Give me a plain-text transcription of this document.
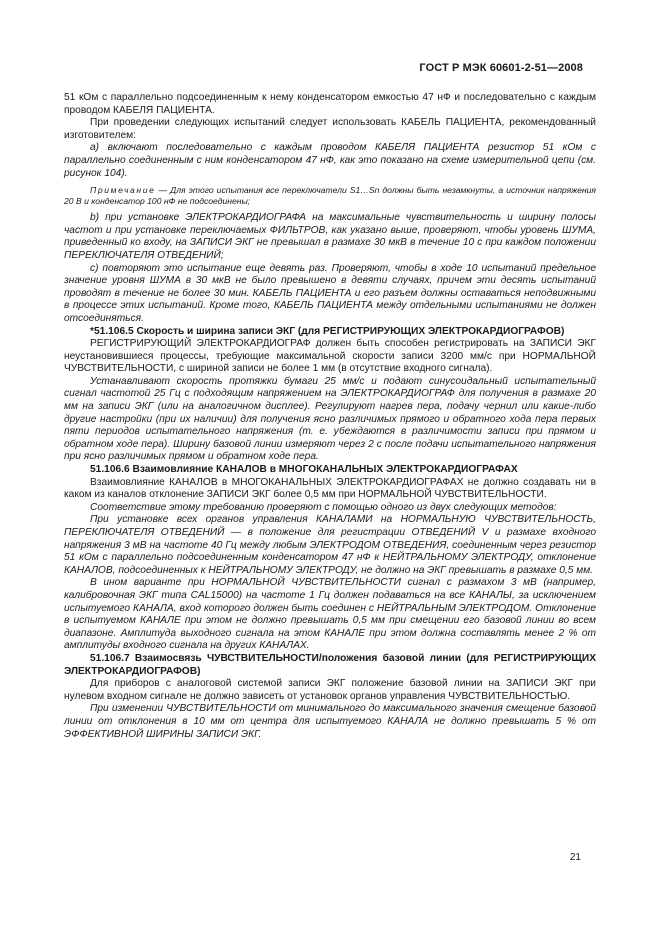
ГОСТ Р МЭК 60601-2-51—2008

51 кОм с параллельно подсоединенным к нему конденсатором емкостью 47 нФ и последовательно с каждым проводом КАБЕЛЯ ПАЦИЕНТА.

При проведении следующих испытаний следует использовать КАБЕЛЬ ПАЦИЕНТА, рекомендованный изготовителем:

а) включают последовательно с каждым проводом КАБЕЛЯ ПАЦИЕНТА резистор 51 кОм с параллельно соединенным с ним конденсатором 47 нФ, как это показано на схеме измерительной цепи (см. рисунок 104).

Примечание — Для этого испытания все переключатели S1…Sn должны быть незамкнуты, а источник напряжения 20 В и конденсатор 100 нФ не подсоединены;

b) при установке ЭЛЕКТРОКАРДИОГРАФА на максимальные чувствительность и ширину полосы частот и при установке переключаемых ФИЛЬТРОВ, как указано выше, проверяют, чтобы уровень ШУМА, приведенный ко входу, на ЗАПИСИ ЭКГ не превышал в размахе 30 мкВ в течение 10 с при каждом положении ПЕРЕКЛЮЧАТЕЛЯ ОТВЕДЕНИЙ;

с) повторяют это испытание еще девять раз. Проверяют, чтобы в ходе 10 испытаний предельное значение уровня ШУМА в 30 мкВ не было превышено в девяти случаях, причем эти десять испытаний проводят в течение не более 30 мин. КАБЕЛЬ ПАЦИЕНТА и его разъем должны оставаться неподвижными в процессе этих испытаний. Кроме того, КАБЕЛЬ ПАЦИЕНТА между отдельными испытаниями не должен отсоединяться.

*51.106.5 Скорость и ширина записи ЭКГ (для РЕГИСТРИРУЮЩИХ ЭЛЕКТРОКАРДИОГРАФОВ)

РЕГИСТРИРУЮЩИЙ ЭЛЕКТРОКАРДИОГРАФ должен быть способен регистрировать на ЗАПИСИ ЭКГ неустановившиеся процессы, требующие максимальной скорости записи 3200 мм/с при НОРМАЛЬНОЙ ЧУВСТВИТЕЛЬНОСТИ, с шириной записи не более 1 мм (в отсутствие входного сигнала).

Устанавливают скорость протяжки бумаги 25 мм/с и подают синусоидальный испытательный сигнал частотой 25 Гц с подходящим напряжением на ЭЛЕКТРОКАРДИОГРАФ для получения в размахе 20 мм на записи ЭКГ (или на аналогичном дисплее). Регулируют нагрев пера, подачу чернил или какие-либо другие настройки (при их наличии) для получения ясно различимых прямого и обратного хода пера первых пяти периодов испытательного напряжения (т. е. убеждаются в различимости записи при прямом и обратном ходе пера). Ширину базовой линии измеряют через 2 с после подачи испытательного напряжения при ясно различимых прямом и обратном ходе пера.

51.106.6 Взаимовлияние КАНАЛОВ в МНОГОКАНАЛЬНЫХ ЭЛЕКТРОКАРДИОГРАФАХ

Взаимовлияние КАНАЛОВ в МНОГОКАНАЛЬНЫХ ЭЛЕКТРОКАРДИОГРАФАХ не должно создавать ни в каком из каналов отклонение ЗАПИСИ ЭКГ более 0,5 мм при НОРМАЛЬНОЙ ЧУВСТВИТЕЛЬНОСТИ.

Соответствие этому требованию проверяют с помощью одного из двух следующих методов:

При установке всех органов управления КАНАЛАМИ на НОРМАЛЬНУЮ ЧУВСТВИТЕЛЬНОСТЬ, ПЕРЕКЛЮЧАТЕЛЯ ОТВЕДЕНИЙ — в положение для регистрации ОТВЕДЕНИЙ V и размахе входного напряжения 3 мВ на частоте 40 Гц между любым ЭЛЕКТРОДОМ ОТВЕДЕНИЯ, соединенным через резистор 51 кОм с параллельно подсоединенным конденсатором 47 нФ к НЕЙТРАЛЬНОМУ ЭЛЕКТРОДУ, отклонение КАНАЛОВ, подсоединенных к НЕЙТРАЛЬНОМУ ЭЛЕКТРОДУ, не должно на ЭКГ превышать в размахе 0,5 мм.

В ином варианте при НОРМАЛЬНОЙ ЧУВСТВИТЕЛЬНОСТИ сигнал с размахом 3 мВ (например, калибровочная ЭКГ типа CAL15000) на частоте 1 Гц должен подаваться на все КАНАЛЫ, за исключением испытуемого КАНАЛА, вход которого должен быть соединен с НЕЙТРАЛЬНЫМ ЭЛЕКТРОДОМ. Отклонение в испытуемом КАНАЛЕ при этом не должно превышать 0,5 мм при смещении его базовой линии во всем диапазоне. Амплитуда выходного сигнала на этом КАНАЛЕ при этом должна составлять менее 2 % от амплитуды входного сигнала на других КАНАЛАХ.

51.106.7 Взаимосвязь ЧУВСТВИТЕЛЬНОСТИ/положения базовой линии (для РЕГИСТРИРУЮЩИХ ЭЛЕКТРОКАРДИОГРАФОВ)

Для приборов с аналоговой системой записи ЭКГ положение базовой линии на ЗАПИСИ ЭКГ при нулевом входном сигнале не должно зависеть от установок органов управления ЧУВСТВИТЕЛЬНОСТЬЮ.

При изменении ЧУВСТВИТЕЛЬНОСТИ от минимального до максимального значения смещение базовой линии от отклонения в 10 мм от центра для испытуемого КАНАЛА не должно превышать 5 % от ЭФФЕКТИВНОЙ ШИРИНЫ ЗАПИСИ ЭКГ.

21
